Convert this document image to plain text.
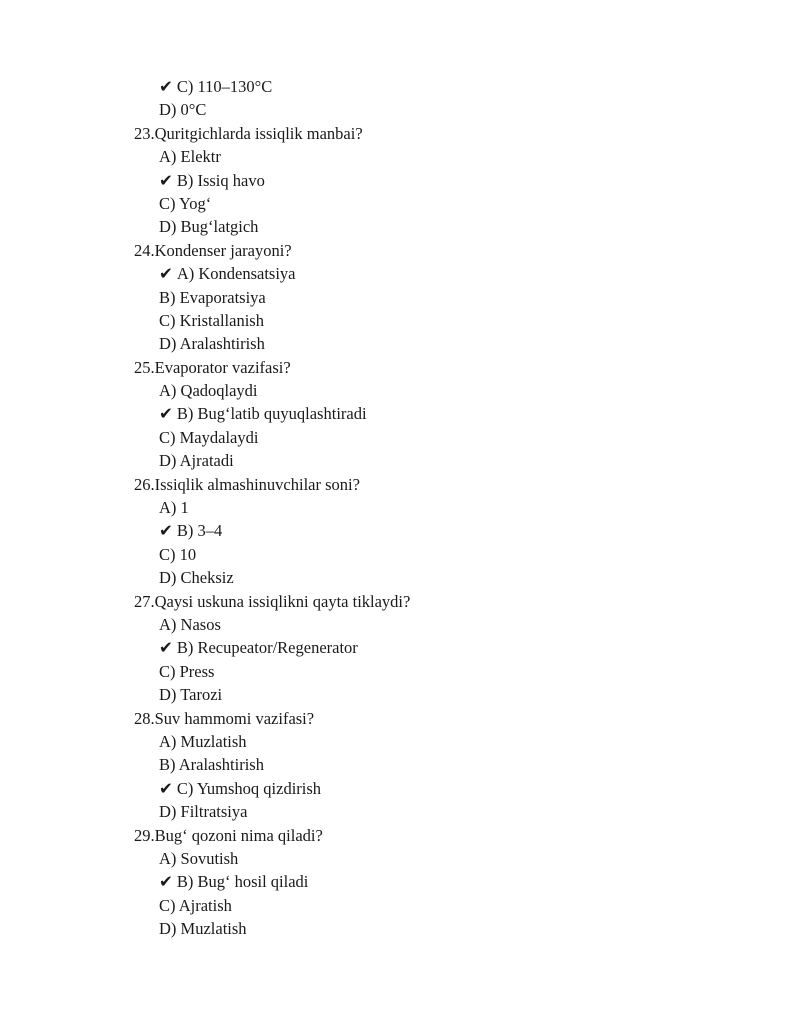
✔ C) 110–130°C
D) 0°C
23.Quritgichlarda issiqlik manbai?
A) Elektr
✔ B) Issiq havo
C) Yog‘
D) Bug‘latgich
24.Kondenser jarayoni?
✔ A) Kondensatsiya
B) Evaporatsiya
C) Kristallanish
D) Aralashtirish
25.Evaporator vazifasi?
A) Qadoqlaydi
✔ B) Bug‘latib quyuqlashtiradi
C) Maydalaydi
D) Ajratadi
26.Issiqlik almashinuvchilar soni?
A) 1
✔ B) 3–4
C) 10
D) Cheksiz
27.Qaysi uskuna issiqlikni qayta tiklaydi?
A) Nasos
✔ B) Recupeator/Regenerator
C) Press
D) Tarozi
28.Suv hammomi vazifasi?
A) Muzlatish
B) Aralashtirish
✔ C) Yumshoq qizdirish
D) Filtratsiya
29.Bug‘ qozoni nima qiladi?
A) Sovutish
✔ B) Bug‘ hosil qiladi
C) Ajratish
D) Muzlatish
